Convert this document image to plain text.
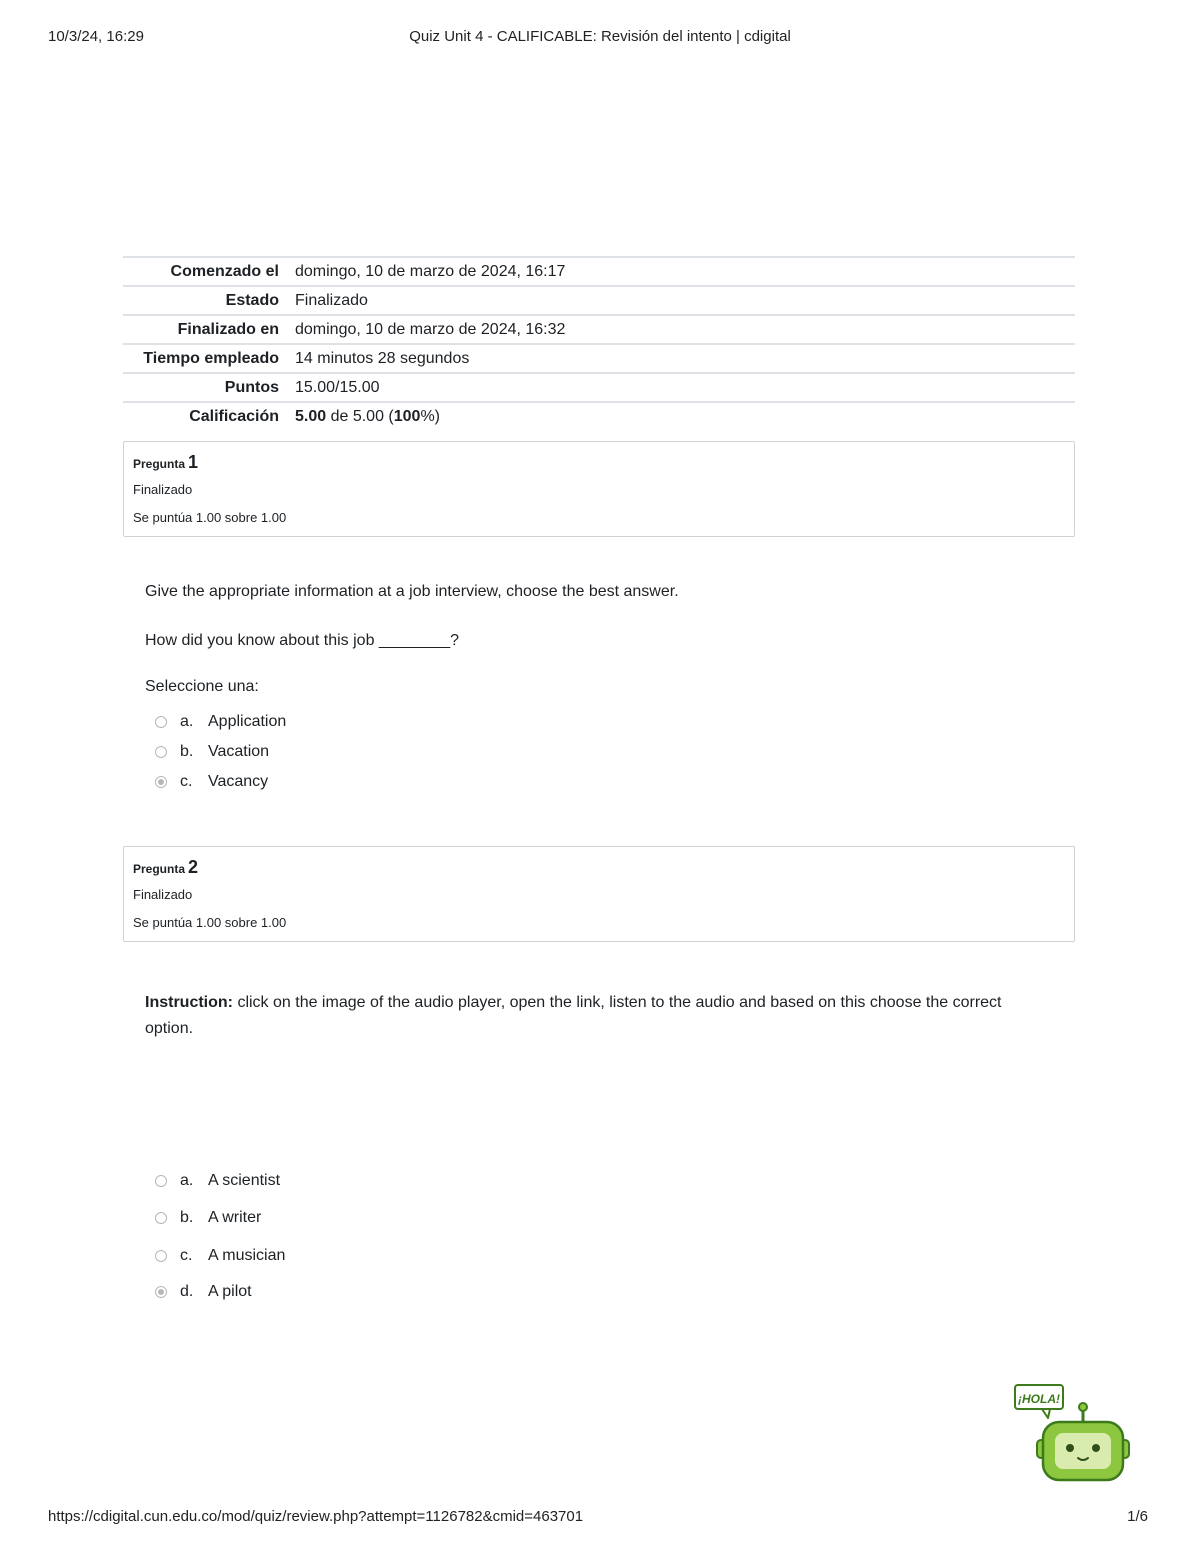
10/3/24, 16:29	Quiz Unit 4 - CALIFICABLE: Revisión del intento | cdigital
Comenzado el	domingo, 10 de marzo de 2024, 16:17
Estado	Finalizado
Finalizado en	domingo, 10 de marzo de 2024, 16:32
Tiempo empleado	14 minutos 28 segundos
Puntos	15.00/15.00
Calificación	5.00 de 5.00 (100%)
Pregunta 1
Finalizado
Se puntúa 1.00 sobre 1.00
Give the appropriate information at a job interview, choose the best answer.
How did you know about this job ________?
Seleccione una:
a. Application
b. Vacation
c. Vacancy
Pregunta 2
Finalizado
Se puntúa 1.00 sobre 1.00
Instruction: click on the image of the audio player, open the link, listen to the audio and based on this choose the correct option.
a. A scientist
b. A writer
c. A musician
d. A pilot
¡HOLA!
https://cdigital.cun.edu.co/mod/quiz/review.php?attempt=1126782&cmid=463701	1/6
